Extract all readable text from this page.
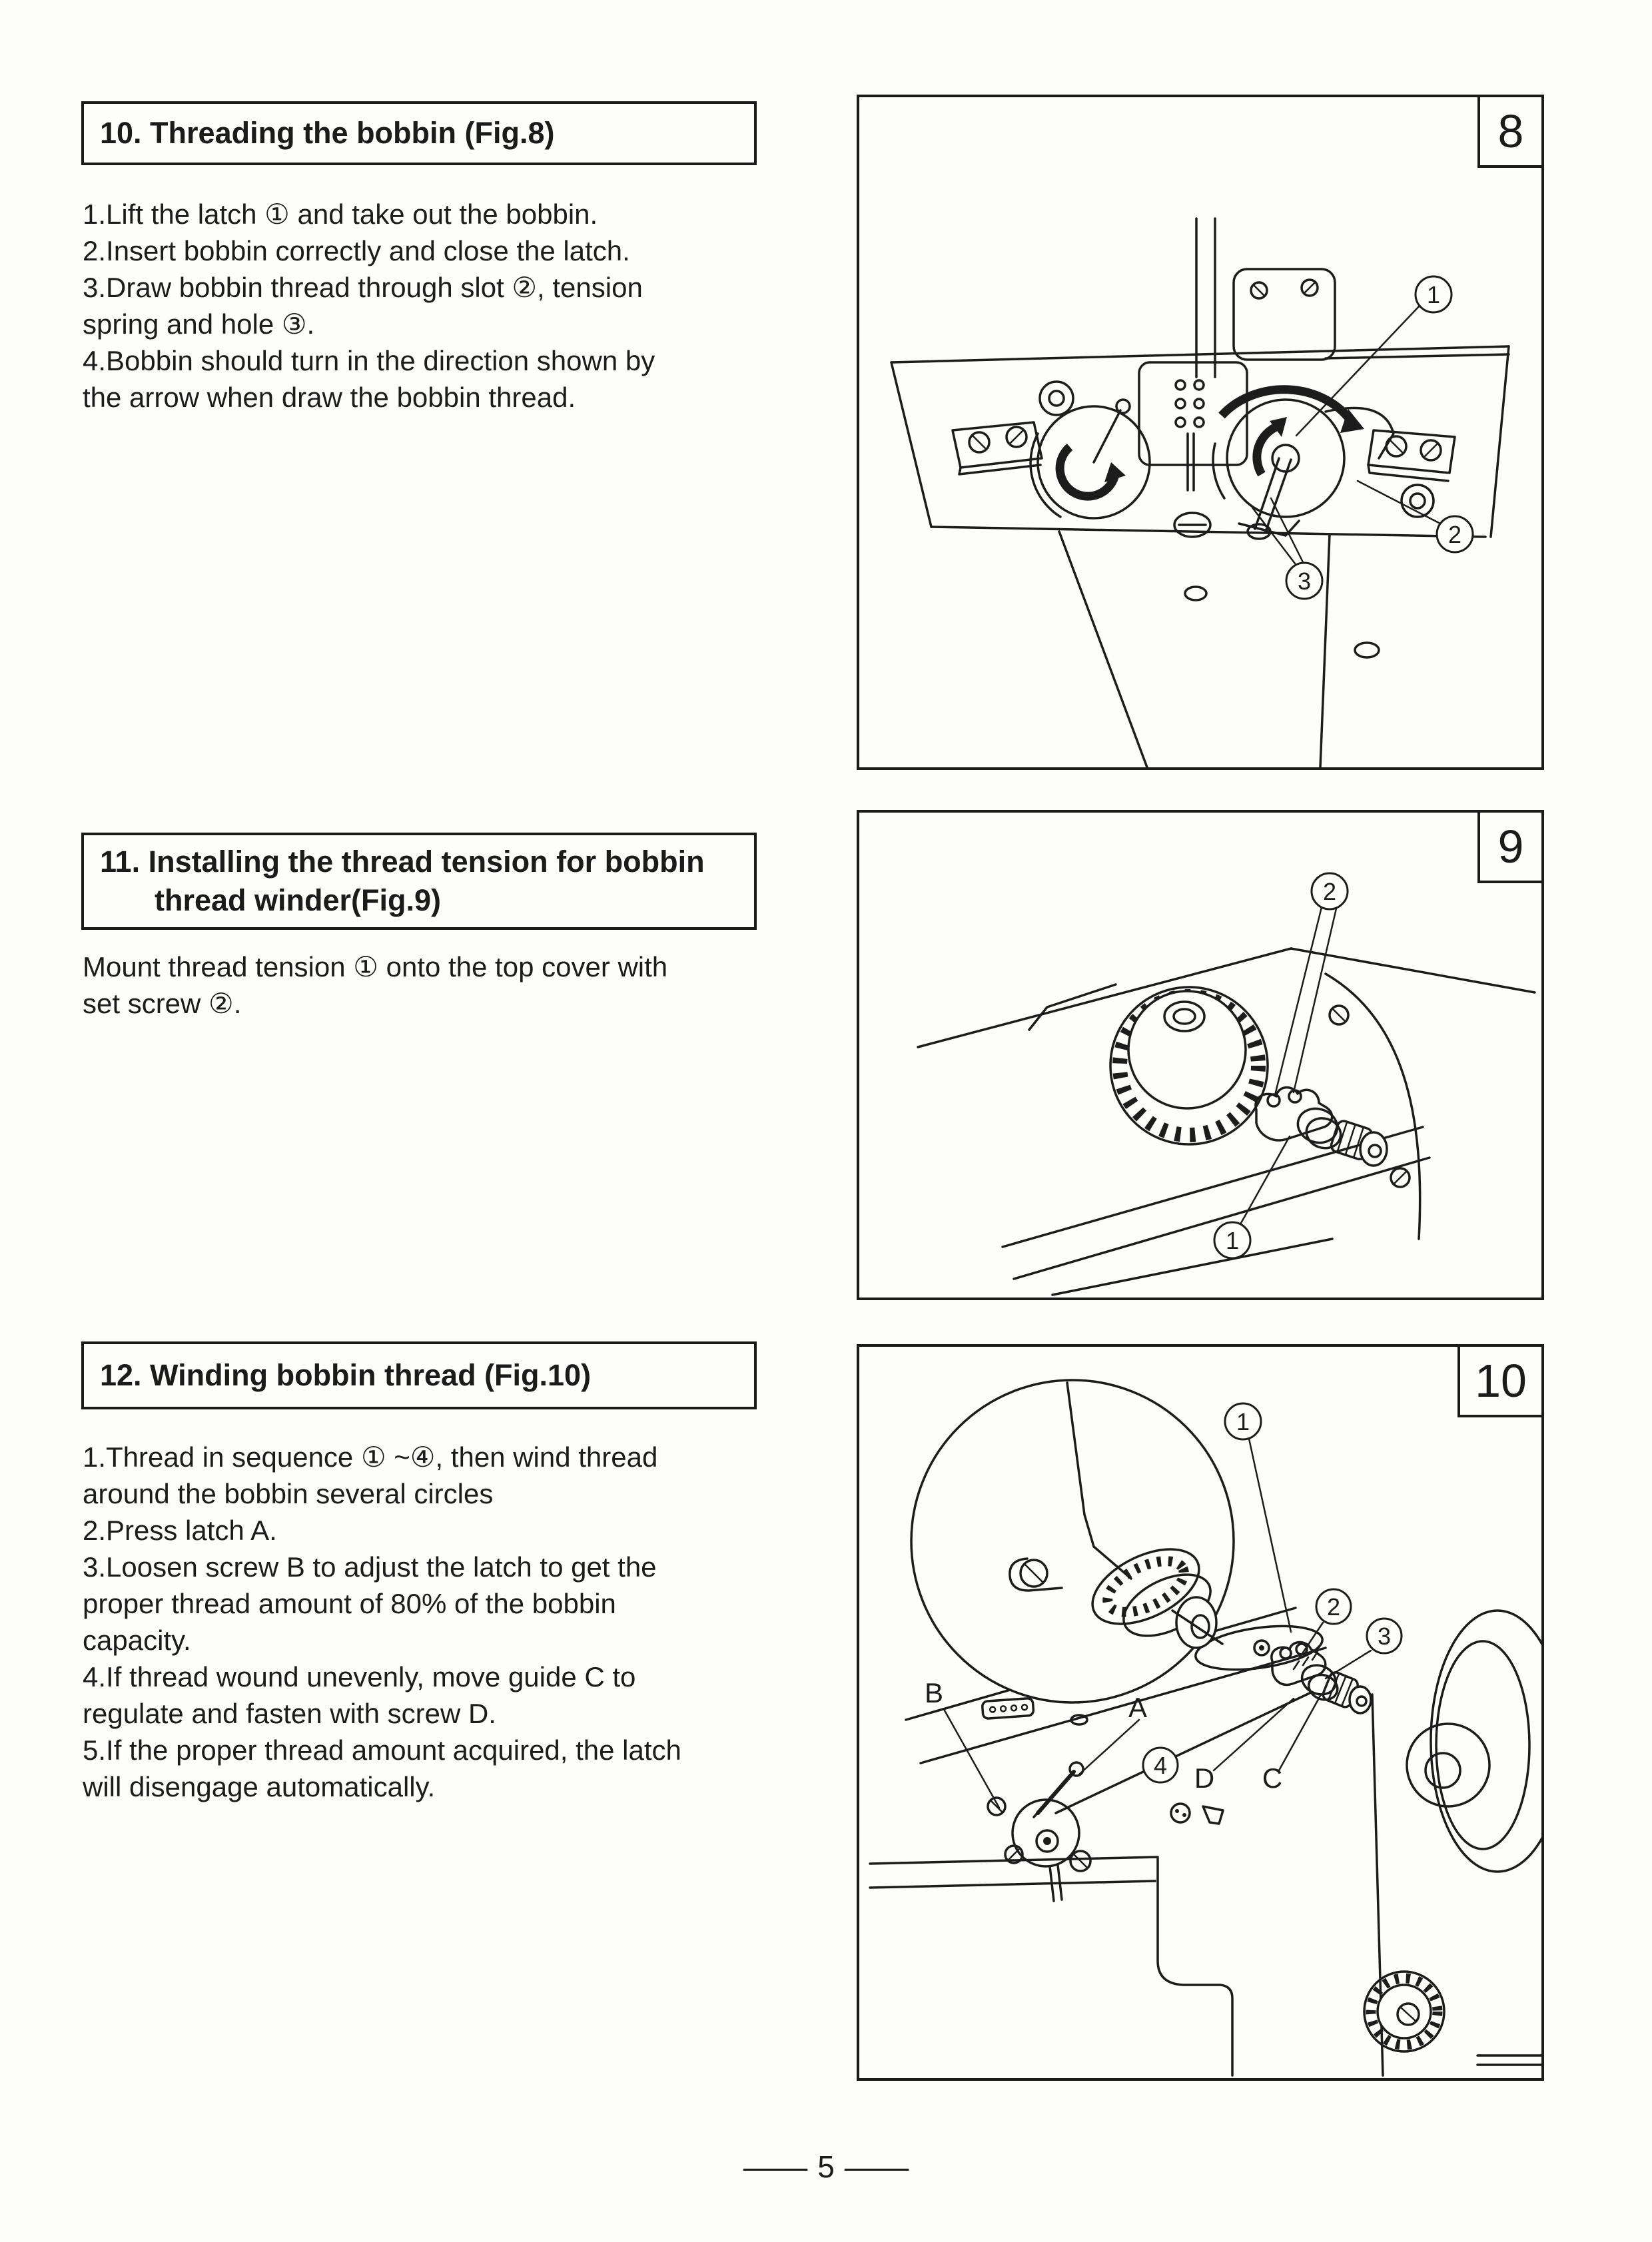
10. Threading the bobbin (Fig.8)
1.Lift the latch ① and take out the bobbin.
2.Insert bobbin correctly and close the latch.
3.Draw bobbin thread through slot ②, tension
spring and hole ③.
4.Bobbin should turn in the direction shown by
the arrow when draw the bobbin thread.
11. Installing the thread tension for bobbin
thread winder(Fig.9)
Mount thread tension ① onto the top cover with
set screw ②.
12. Winding bobbin thread (Fig.10)
1.Thread in sequence ① ~④, then wind thread
around the bobbin several circles
2.Press latch A.
3.Loosen screw B to adjust the latch to get the
proper thread amount of 80% of the bobbin
capacity.
4.If thread wound unevenly, move guide C to
regulate and fasten with screw D.
5.If the proper thread amount acquired, the latch
will disengage automatically.
8
1
2
3
9
2
1
10
1
2
3
4
A
B
C
D
— 5 —
